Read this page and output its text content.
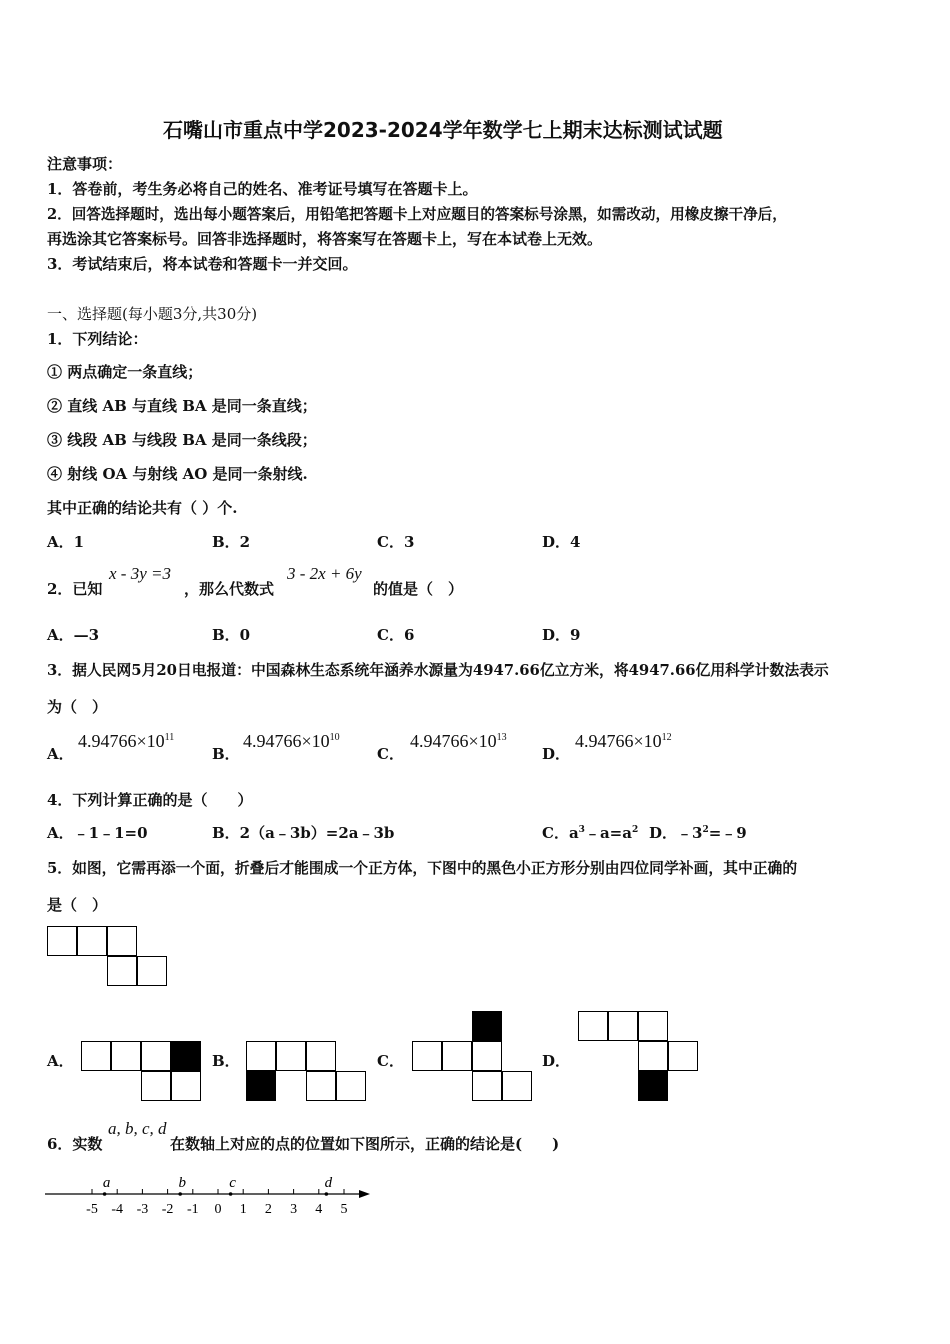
石嘴山市重点中学2023-2024学年数学七上期末达标测试试题
注意事项：
1．答卷前，考生务必将自己的姓名、准考证号填写在答题卡上。
2．回答选择题时，选出每小题答案后，用铅笔把答题卡上对应题目的答案标号涂黑，如需改动，用橡皮擦干净后，
再选涂其它答案标号。回答非选择题时，将答案写在答题卡上，写在本试卷上无效。
3．考试结束后，将本试卷和答题卡一并交回。
一、选择题(每小题3分,共30分)
1．下列结论：
① 两点确定一条直线；
② 直线 AB 与直线 BA 是同一条直线；
③ 线段 AB 与线段 BA 是同一条线段；
④ 射线 OA 与射线 AO 是同一条射线.
其中正确的结论共有（ ）个.
A．1	B．2	C．3	D．4
2．已知
x - 3y =3
，那么代数式
3 - 2x + 6y
的值是（　）
A．—3	B．0	C．6	D．9
3．据人民网5月20日电报道：中国森林生态系统年涵养水源量为4947.66亿立方米，将4947.66亿用科学计数法表示
为（　）
A．
$4.94766\times 10^{11}$
B．
$4.94766\times 10^{10}$
C．
$4.94766\times 10^{13}$
D．
$4.94766\times 10^{12}$
4．下列计算正确的是（　　）
A．﹣1﹣1=0	B．2（a﹣3b）=2a﹣3b	C．$a^3﹣a=a^2$ D．$﹣3^2=﹣9$
5．如图，它需再添一个面，折叠后才能围成一个正方体，下图中的黑色小正方形分别由四位同学补画，其中正确的
是（　）
A．	B．	C．	D．
6．实数
a, b, c, d
在数轴上对应的点的位置如下图所示，正确的结论是(　　)
-5 -4 -3 -2 -1 0 1 2 3 4 5
a	b	c	d
